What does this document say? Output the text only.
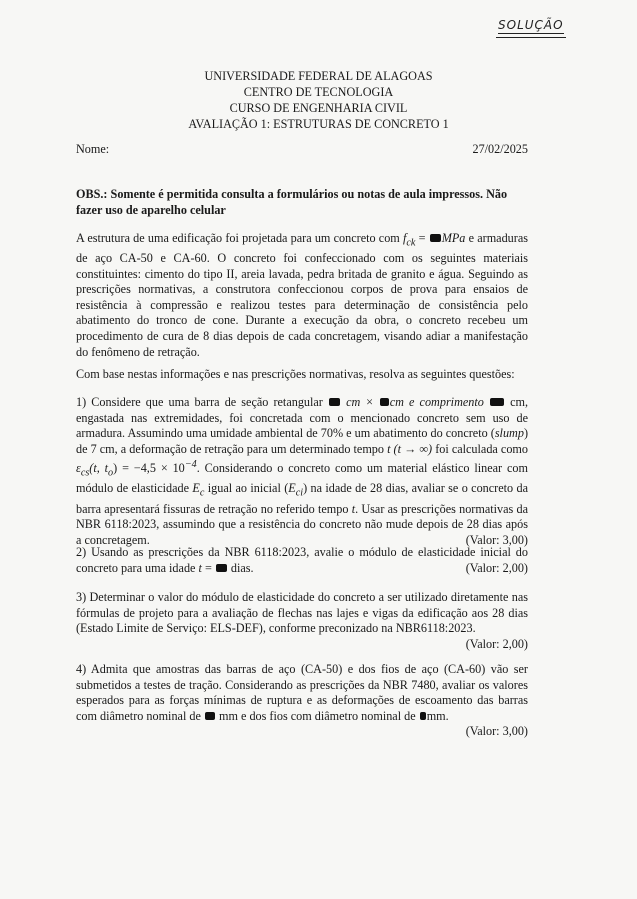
SOLUÇÃO
UNIVERSIDADE FEDERAL DE ALAGOAS
CENTRO DE TECNOLOGIA
CURSO DE ENGENHARIA CIVIL
AVALIAÇÃO 1: ESTRUTURAS DE CONCRETO 1
Nome:	27/02/2025
OBS.: Somente é permitida consulta a formulários ou notas de aula impressos. Não fazer uso de aparelho celular
A estrutura de uma edificação foi projetada para um concreto com $f_{ck}$ = MPa e armaduras de aço CA-50 e CA-60. O concreto foi confeccionado com os seguintes materiais constituintes: cimento do tipo II, areia lavada, pedra britada de granito e água. Seguindo as prescrições normativas, a construtora confeccionou corpos de prova para ensaios de resistência à compressão e realizou testes para determinação de consistência pelo abatimento do tronco de cone. Durante a execução da obra, o concreto recebeu um procedimento de cura de 8 dias depois de cada concretagem, visando adiar a manifestação do fenômeno de retração.
Com base nestas informações e nas prescrições normativas, resolva as seguintes questões:
1) Considere que uma barra de seção retangular  cm × cm e comprimento  cm, engastada nas extremidades, foi concretada com o mencionado concreto sem uso de armadura. Assumindo uma umidade ambiental de 70% e um abatimento do concreto (slump) de 7 cm, a deformação de retração para um determinado tempo t (t → ∞) foi calculada como $\varepsilon_{cs}(t$, $t_o) = -4,5 \times 10^{-4}$. Considerando o concreto como um material elástico linear com módulo de elasticidade $E_c$ igual ao inicial $(E_{ci})$ na idade de 28 dias, avaliar se o concreto da barra apresentará fissuras de retração no referido tempo t. Usar as prescrições normativas da NBR 6118:2023, assumindo que a resistência do concreto não mude depois de 28 dias após a concretagem.	(Valor: 3,00)
2) Usando as prescrições da NBR 6118:2023, avalie o módulo de elasticidade inicial do concreto para uma idade t =  dias.	(Valor: 2,00)
3) Determinar o valor do módulo de elasticidade do concreto a ser utilizado diretamente nas fórmulas de projeto para a avaliação de flechas nas lajes e vigas da edificação aos 28 dias (Estado Limite de Serviço: ELS-DEF), conforme preconizado na NBR6118:2023.
(Valor: 2,00)
4) Admita que amostras das barras de aço (CA-50) e dos fios de aço (CA-60) vão ser submetidos a testes de tração. Considerando as prescrições da NBR 7480, avaliar os valores esperados para as forças mínimas de ruptura e as deformações de escoamento das barras com diâmetro nominal de  mm e dos fios com diâmetro nominal de mm.
(Valor: 3,00)
